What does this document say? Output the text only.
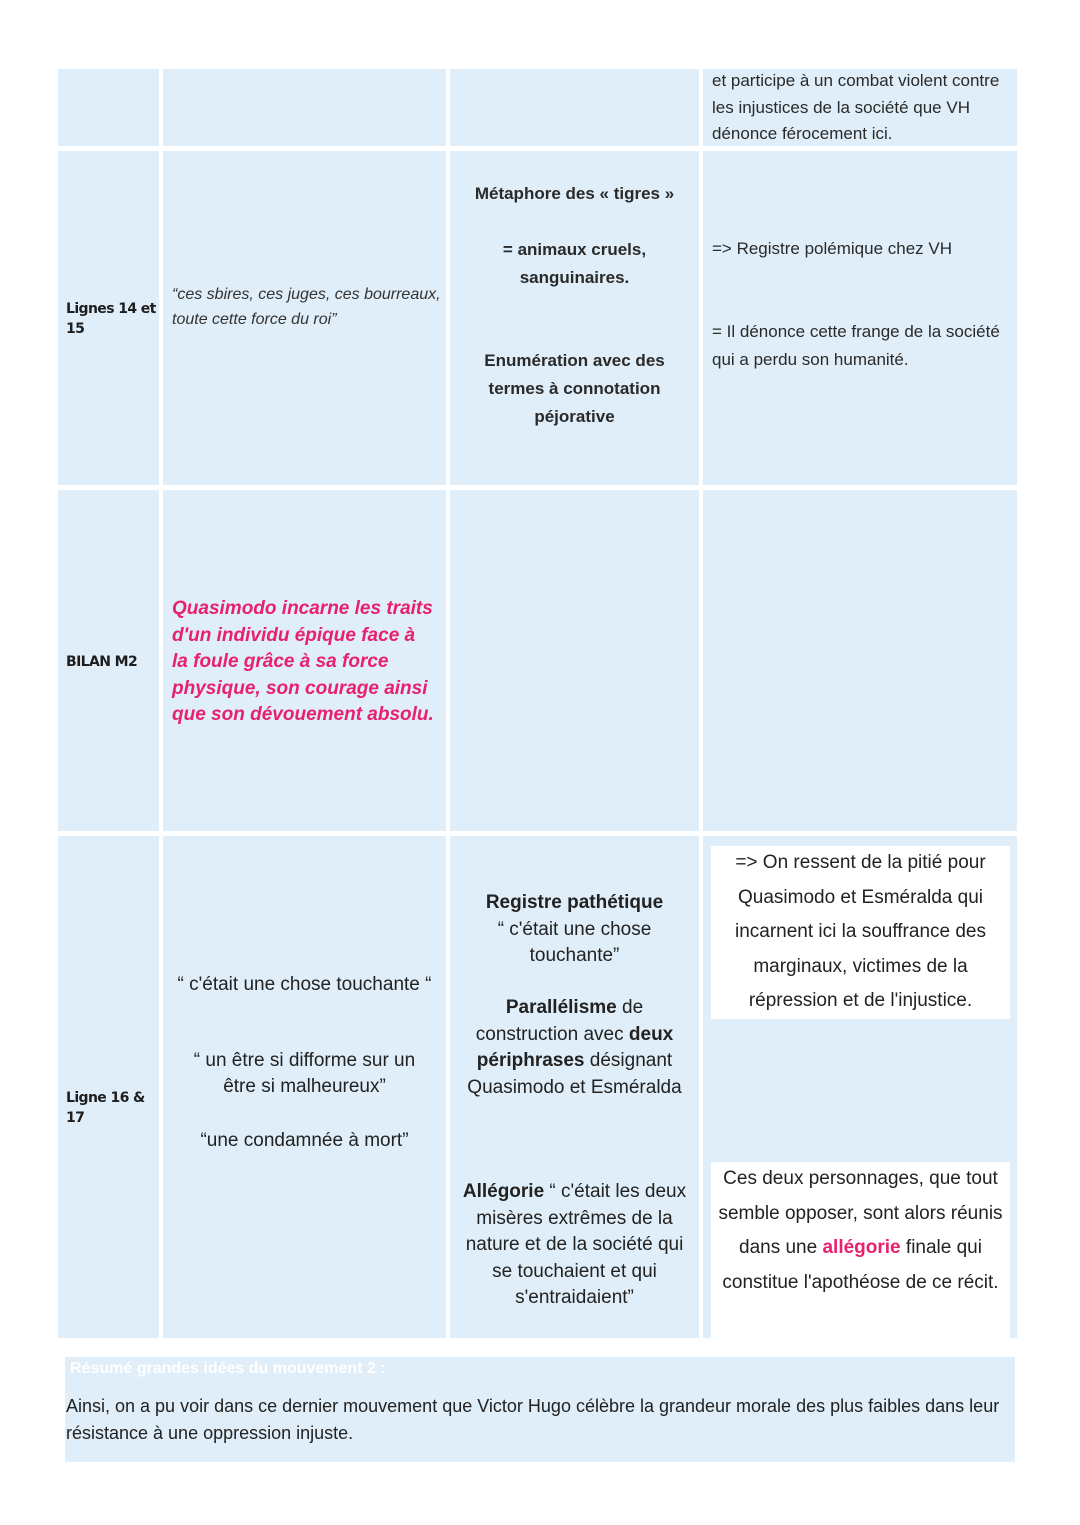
et participe à un combat violent contre les injustices de la société que VH dénonce férocement ici.
Lignes 14 et 15
“ces sbires, ces juges, ces bourreaux, toute cette force du roi”
Métaphore des « tigres »
= animaux cruels, sanguinaires.
Enumération avec des termes à connotation péjorative
=> Registre polémique chez VH
= Il dénonce cette frange de la société qui a perdu son humanité.
BILAN M2
Quasimodo incarne les traits d'un individu épique face à la foule grâce à sa force physique, son courage ainsi que son dévouement absolu.
Ligne 16 & 17
“ c'était une chose touchante “
“ un être si difforme sur un être si malheureux”
“une condamnée à mort”
Registre pathétique
“ c'était une chose touchante”
Parallélisme de construction avec deux périphrases désignant Quasimodo et Esméralda
Allégorie “ c'était les deux misères extrêmes de la nature et de la société qui se touchaient et qui s'entraidaient”
=> On ressent de la pitié pour Quasimodo et Esméralda qui incarnent ici la souffrance des marginaux, victimes de la répression et de l'injustice.
Ces deux personnages, que tout semble opposer, sont alors réunis dans une allégorie finale qui constitue l'apothéose de ce récit.
Résumé grandes idées du mouvement 2 :
Ainsi, on a pu voir dans ce dernier mouvement que Victor Hugo célèbre la grandeur morale des plus faibles dans leur résistance à une oppression injuste.
